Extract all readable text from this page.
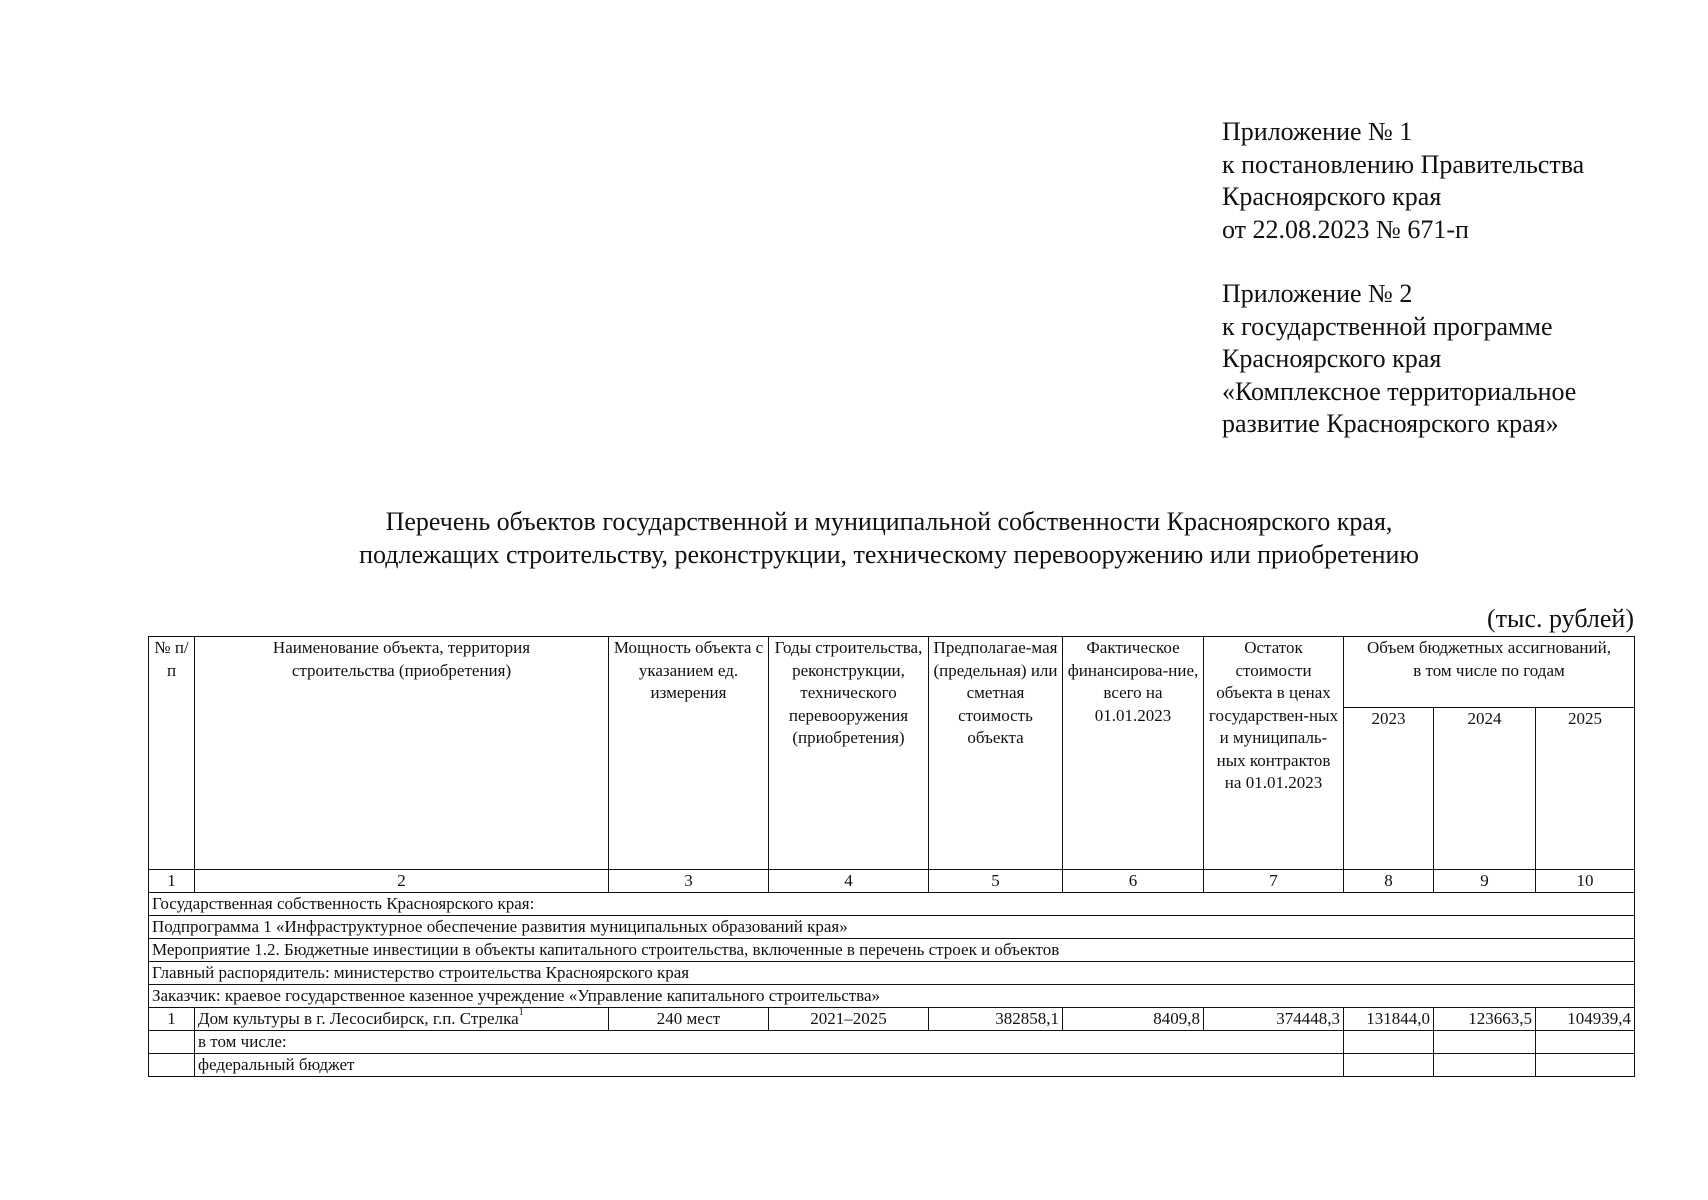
Приложение № 1
к постановлению Правительства
Красноярского края
от 22.08.2023 № 671-п
Приложение № 2
к государственной программе
Красноярского края
«Комплексное территориальное
развитие Красноярского края»
Перечень объектов государственной и муниципальной собственности Красноярского края,
подлежащих строительству, реконструкции, техническому перевооружению или приобретению
(тыс. рублей)
№ п/п	Наименование объекта, территория строительства (приобретения)	Мощность объекта с указанием ед. измерения	Годы строительства, реконструкции, технического перевооружения (приобретения)	Предполагае-мая (предельная) или сметная стоимость объекта	Фактическое финансирова-ние, всего на 01.01.2023	Остаток стоимости объекта в ценах государствен-ных и муниципаль-ных контрактов на 01.01.2023	Объем бюджетных ассигнований, в том числе по годам		
							2023	2024	2025
1	2	3	4	5	6	7	8	9	10
Государственная собственность Красноярского края:									
Подпрограмма 1 «Инфраструктурное обеспечение развития муниципальных образований края»									
Мероприятие 1.2. Бюджетные инвестиции в объекты капитального строительства, включенные в перечень строек и объектов									
Главный распорядитель: министерство строительства Красноярского края									
Заказчик: краевое государственное казенное учреждение «Управление капитального строительства»									
1	Дом культуры в г. Лесосибирск, г.п. Стрелка$^1$	240 мест	2021–2025	382858,1	8409,8	374448,3	131844,0	123663,5	104939,4
	в том числе:								
	федеральный бюджет								
